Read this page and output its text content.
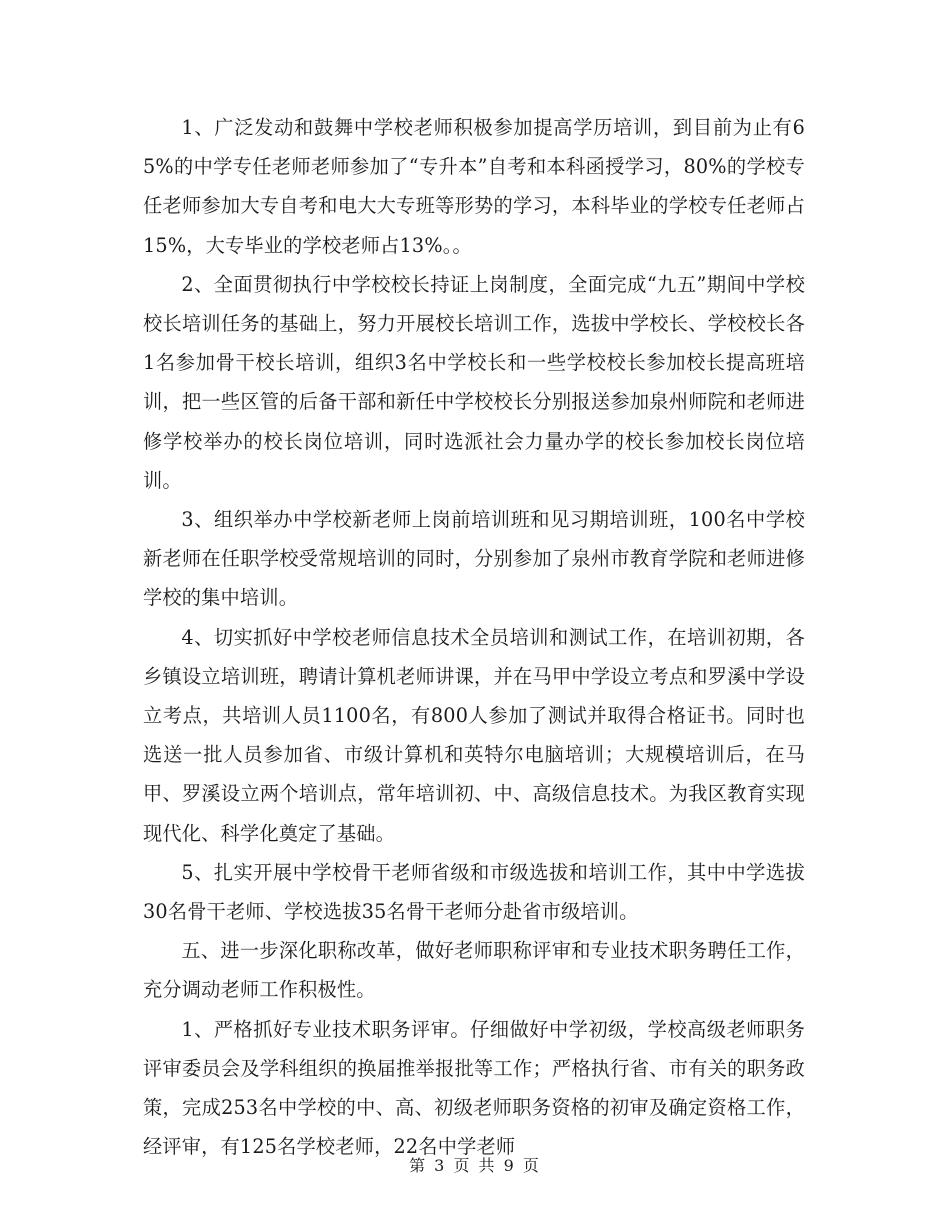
1、广泛发动和鼓舞中学校老师积极参加提高学历培训，到目前为止有65%的中学专任老师老师参加了“专升本”自考和本科函授学习，80%的学校专任老师参加大专自考和电大大专班等形势的学习，本科毕业的学校专任老师占15%，大专毕业的学校老师占13%。。

2、全面贯彻执行中学校校长持证上岗制度，全面完成“九五”期间中学校校长培训任务的基础上，努力开展校长培训工作，选拔中学校长、学校校长各1名参加骨干校长培训，组织3名中学校长和一些学校校长参加校长提高班培训，把一些区管的后备干部和新任中学校校长分别报送参加泉州师院和老师进修学校举办的校长岗位培训，同时选派社会力量办学的校长参加校长岗位培训。

3、组织举办中学校新老师上岗前培训班和见习期培训班，100名中学校新老师在任职学校受常规培训的同时，分别参加了泉州市教育学院和老师进修学校的集中培训。

4、切实抓好中学校老师信息技术全员培训和测试工作，在培训初期，各乡镇设立培训班，聘请计算机老师讲课，并在马甲中学设立考点和罗溪中学设立考点，共培训人员1100名，有800人参加了测试并取得合格证书。同时也选送一批人员参加省、市级计算机和英特尔电脑培训；大规模培训后，在马甲、罗溪设立两个培训点，常年培训初、中、高级信息技术。为我区教育实现现代化、科学化奠定了基础。

5、扎实开展中学校骨干老师省级和市级选拔和培训工作，其中中学选拔30名骨干老师、学校选拔35名骨干老师分赴省市级培训。

五、进一步深化职称改革，做好老师职称评审和专业技术职务聘任工作，充分调动老师工作积极性。

1、严格抓好专业技术职务评审。仔细做好中学初级，学校高级老师职务评审委员会及学科组织的换届推举报批等工作；严格执行省、市有关的职务政策，完成253名中学校的中、高、初级老师职务资格的初审及确定资格工作，经评审，有125名学校老师，22名中学老师

第 3 页 共 9 页
